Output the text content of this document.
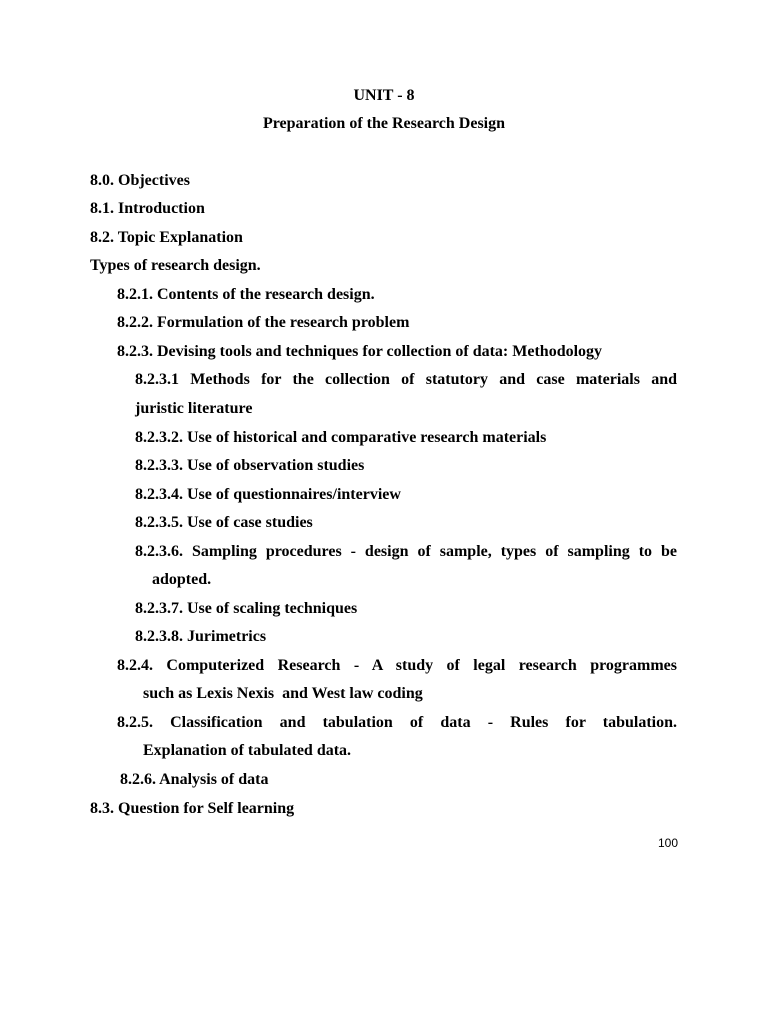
UNIT - 8
Preparation of the Research Design
8.0. Objectives
8.1. Introduction
8.2. Topic Explanation
Types of research design.
8.2.1. Contents of the research design.
8.2.2. Formulation of the research problem
8.2.3. Devising tools and techniques for collection of data: Methodology
8.2.3.1 Methods for the collection of statutory and case materials and
juristic literature
8.2.3.2. Use of historical and comparative research materials
8.2.3.3. Use of observation studies
8.2.3.4. Use of questionnaires/interview
8.2.3.5. Use of case studies
8.2.3.6. Sampling procedures - design of sample, types of sampling to be
adopted.
8.2.3.7. Use of scaling techniques
8.2.3.8. Jurimetrics
8.2.4. Computerized Research - A study of legal research programmes
such as Lexis Nexis  and West law coding
8.2.5. Classification and tabulation of data - Rules for tabulation.
Explanation of tabulated data.
8.2.6. Analysis of data
8.3. Question for Self learning
100
